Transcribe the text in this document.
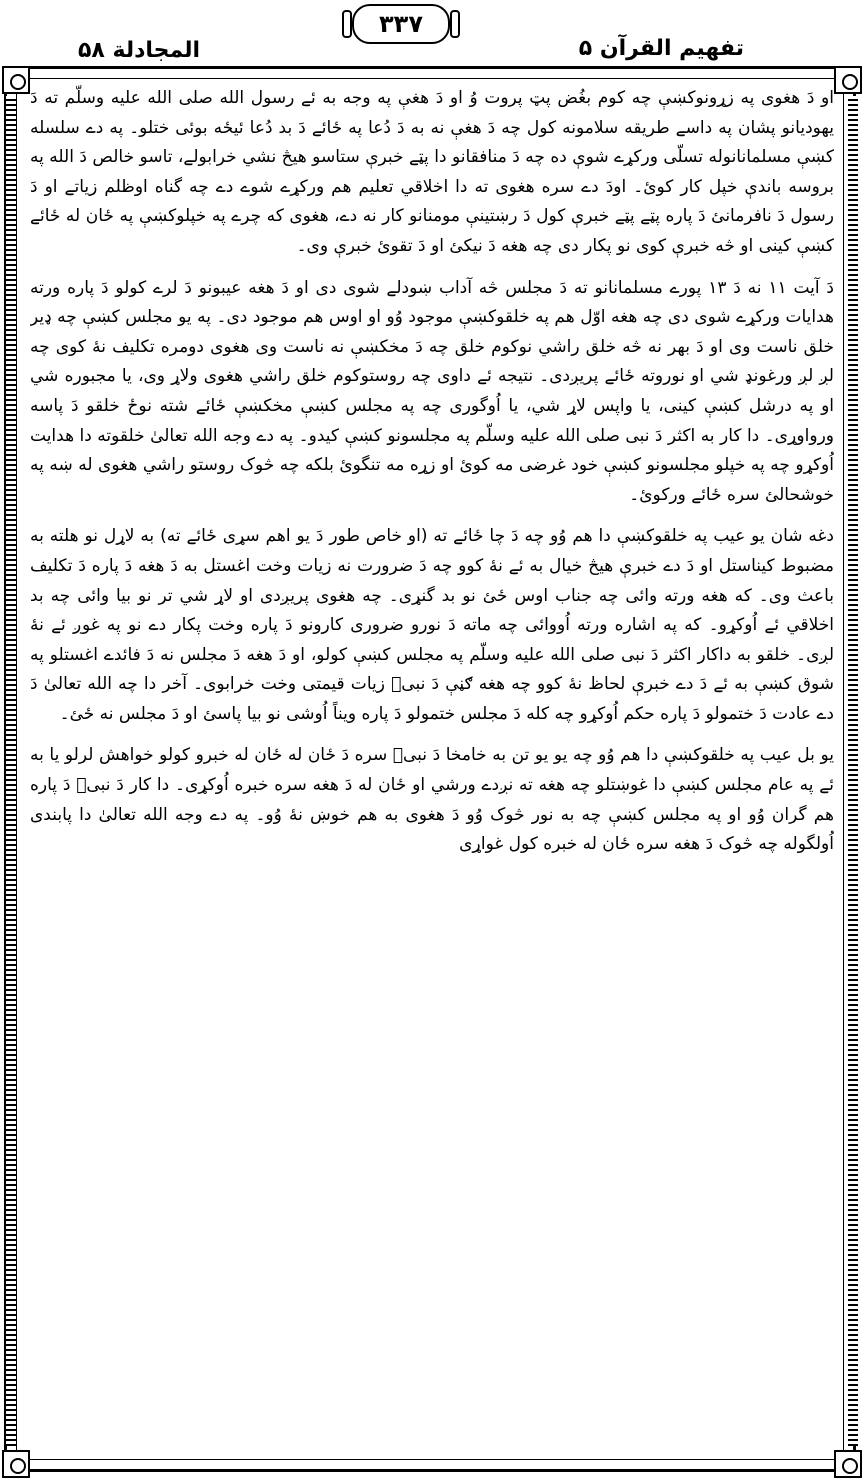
المجادلة ۵۸
۳۳۷
تفهیم القرآن ۵

او دَ هغوی په زړونوکښې چه کوم بغُض پټ پروت وُ او دَ هغې په وجه به ئے رسول الله صلی الله علیه وسلّم ته دَ یهودیانو پشان په داسے طریقه سلامونه کول چه دَ هغې نه به دَ دُعا په ځائے دَ بد دُعا ئیځه بوئی ختلو۔ په دے سلسله کښې مسلمانانوله تسلّی ورکړے شوې ده چه دَ منافقانو دا پټے خبرې ستاسو هیڅ نشي خرابولے، تاسو خالص دَ الله په بروسه باندې خپل کار کوئ۔ اودَ دے سره هغوی ته دا اخلاقي تعلیم هم ورکړے شوے دے چه گناه اوظلم زیاتے او دَ رسول دَ نافرمانئ دَ پاره پټے پټے خبرې کول دَ رښتینې مومنانو کار نه دے، هغوی که چرے په خپلوکښې په ځان له ځائے کښې کینی او څه خبرې کوی نو پکار دی چه هغه دَ نیکئ او دَ تقوئ خبرې وی۔

دَ آیت ۱۱ نه دَ ۱۳ پورے مسلمانانو ته دَ مجلس څه آداب ښودلے شوی دی او دَ هغه عیبونو دَ لرے کولو دَ پاره ورته هدایات ورکړے شوی دی چه هغه اوّل هم په خلقوکښې موجود وُو او اوس هم موجود دی۔ په یو مجلس کښې چه ډیر خلق ناست وی او دَ بهر نه څه خلق راشي نوکوم خلق چه دَ مخکښې نه ناست وی هغوی دومره تکلیف نهٔ کوی چه لږ لږ ورغونډ شي او نوروته ځائے پریږدی۔ نتیجه ئے داوی چه روستوکوم خلق راشي هغوی ولاړ وی، یا مجبوره شي او په درشل کښې کینی، یا واپس لاړ شي، یا اُوگوری چه په مجلس کښې مخکښې ځائے شته نوځ خلقو دَ پاسه ورواوړی۔ دا کار به اکثر دَ نبی صلی الله علیه وسلّم په مجلسونو کښې کیدو۔ په دے وجه الله تعالیٰ خلقوته دا هدایت اُوکړو چه په خپلو مجلسونو کښې خود غرضی مه کوئ او زړه مه تنگوئ بلکه چه څوک روستو راشي هغوی له ښه په خوشحالئ سره ځائے ورکوئ۔

دغه شان یو عیب په خلقوکښې دا هم وُو چه دَ چا ځائے ته (او خاص طور دَ یو اهم سړی ځائے ته) به لاړل نو هلته به مضبوط کیناستل او دَ دے خبرې هیڅ خیال به ئے نهٔ کوو چه دَ ضرورت نه زیات وخت اغستل به دَ هغه دَ پاره دَ تکلیف باعث وی۔ که هغه ورته وائی چه جناب اوس ځئ نو بد گنړی۔ چه هغوی پریږدی او لاړ شي تر نو بیا وائی چه بد اخلاقي ئے اُوکړو۔ که په اشاره ورته اُووائی چه ماته دَ نورو ضروری کارونو دَ پاره وخت پکار دے نو په غوږ ئے نهٔ لږی۔ خلقو به داکار اکثر دَ نبی صلی الله علیه وسلّم په مجلس کښې کولو، او دَ هغه دَ مجلس نه دَ فائدے اغستلو په شوق کښې به ئے دَ دے خبرې لحاظ نهٔ کوو چه هغه ګڼې دَ نبیؐ زیات قیمتی وخت خرابوی۔ آخر دا چه الله تعالیٰ دَ دے عادت دَ ختمولو دَ پاره حکم اُوکړو چه کله دَ مجلس ختمولو دَ پاره ویناً اُوشی نو بیا پاسئ او دَ مجلس نه ځئ۔

یو بل عیب په خلقوکښې دا هم وُو چه یو یو تن به خامخا دَ نبیؐ سره دَ ځان له ځان له خبرو کولو خواهش لرلو یا به ئے په عام مجلس کښې دا غوښتلو چه هغه ته نږدے ورشي او ځان له دَ هغه سره خبره اُوکړی۔ دا کار دَ نبیؐ دَ پاره هم گران وُو او په مجلس کښې چه به نور څوک وُو دَ هغوی به هم خوښ نهٔ وُو۔ په دے وجه الله تعالیٰ دا پابندی اُولگوله چه څوک دَ هغه سره ځان له خبره کول غواړی
